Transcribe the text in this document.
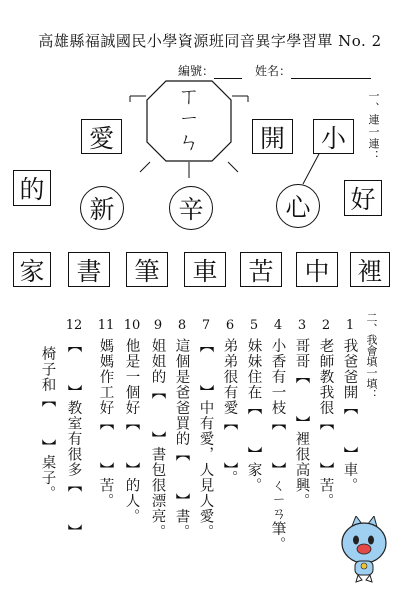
高雄縣福誠國民小學資源班同音異字學習單 No. 2
編號：	姓名：
一、連一連：
ㄒ
ㄧ
ㄣ
愛	開	小
的	好
新	辛	心
家	書	筆	車	苦	中	裡
二、我會填一填：
1
2
3
4
5
6
7
8
9
10
11
12
我爸爸開【　　】車。
老師教我很【　　】苦。
哥哥【　　】裡很高興。
小香有一枝【　　】ㄑㄧㄢ筆。
妹妹住在【　　】家。
弟弟很有愛【　　】。
【　　】中有愛，人見人愛。
這個是爸爸買的【　　】書。
姐姐的【　　】書包很漂亮。
他是一個好【　　】的人。
媽媽作工好【　　】苦。
【　　】教室有很多【　　】
椅子和【　　】桌子。
